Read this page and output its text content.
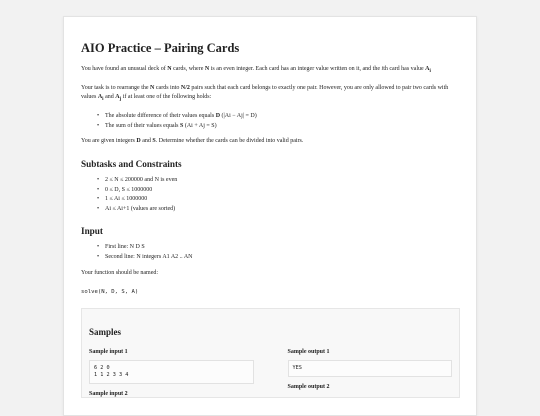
AIO Practice – Pairing Cards

You have found an unusual deck of N cards, where N is an even integer. Each card has an integer value written on it, and the ith card has value $A_i$

Your task is to rearrange the N cards into N/2 pairs such that each card belongs to exactly one pair. However, you are only allowed to pair two cards with values $A_i$ and $A_j$ if at least one of the following holds:

• The absolute difference of their values equals D (|Ai − Aj| = D)
• The sum of their values equals S (Ai + Aj = S)

You are given integers D and S. Determine whether the cards can be divided into valid pairs.

Subtasks and Constraints
• 2 ≤ N ≤ 200000 and N is even
• 0 ≤ D, S ≤ 1000000
• 1 ≤ Ai ≤ 1000000
• Ai ≤ Ai+1 (values are sorted)
Input
• First line: N D S
• Second line: N integers A1 A2 .. AN

Your function should be named:

solve(N, D, S, A)
Samples
Sample input 1
6 2 0
1 1 2 3 3 4
Sample input 2
Sample output 1
YES
Sample output 2
